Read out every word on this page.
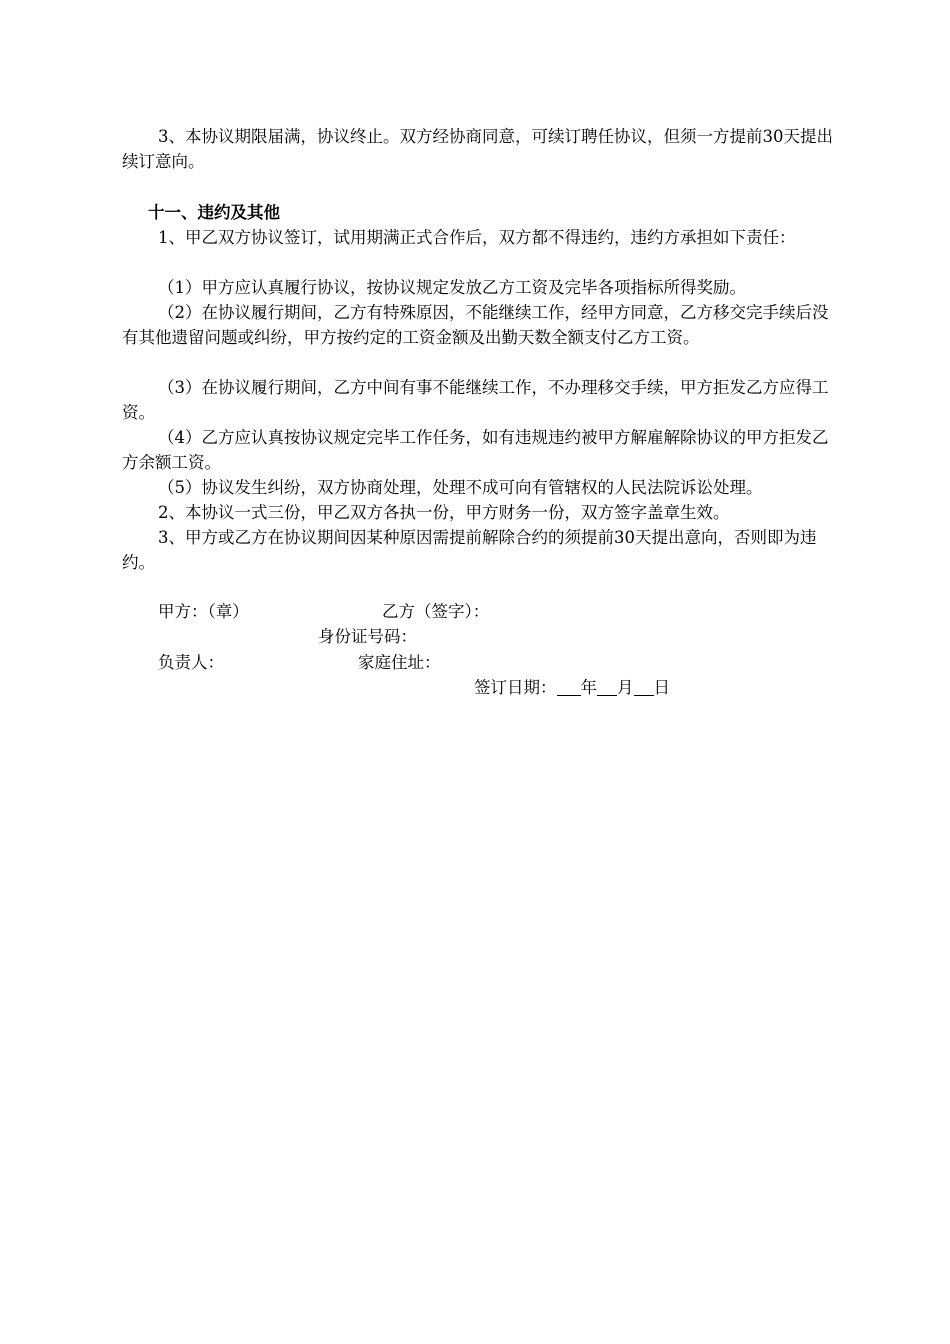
3、本协议期限届满，协议终止。双方经协商同意，可续订聘任协议，但须一方提前30天提出续订意向。
十一、违约及其他
1、甲乙双方协议签订，试用期满正式合作后，双方都不得违约，违约方承担如下责任：
（1）甲方应认真履行协议，按协议规定发放乙方工资及完毕各项指标所得奖励。
（2）在协议履行期间，乙方有特殊原因，不能继续工作，经甲方同意，乙方移交完手续后没有其他遗留问题或纠纷，甲方按约定的工资金额及出勤天数全额支付乙方工资。
（3）在协议履行期间，乙方中间有事不能继续工作，不办理移交手续，甲方拒发乙方应得工资。
（4）乙方应认真按协议规定完毕工作任务，如有违规违约被甲方解雇解除协议的甲方拒发乙方余额工资。
（5）协议发生纠纷，双方协商处理，处理不成可向有管辖权的人民法院诉讼处理。
2、本协议一式三份，甲乙双方各执一份，甲方财务一份，双方签字盖章生效。
3、甲方或乙方在协议期间因某种原因需提前解除合约的须提前30天提出意向，否则即为违约。
甲方：（章）	乙方（签字）：
身份证号码：
负责人：	家庭住址：
签订日期： 年 月 日
